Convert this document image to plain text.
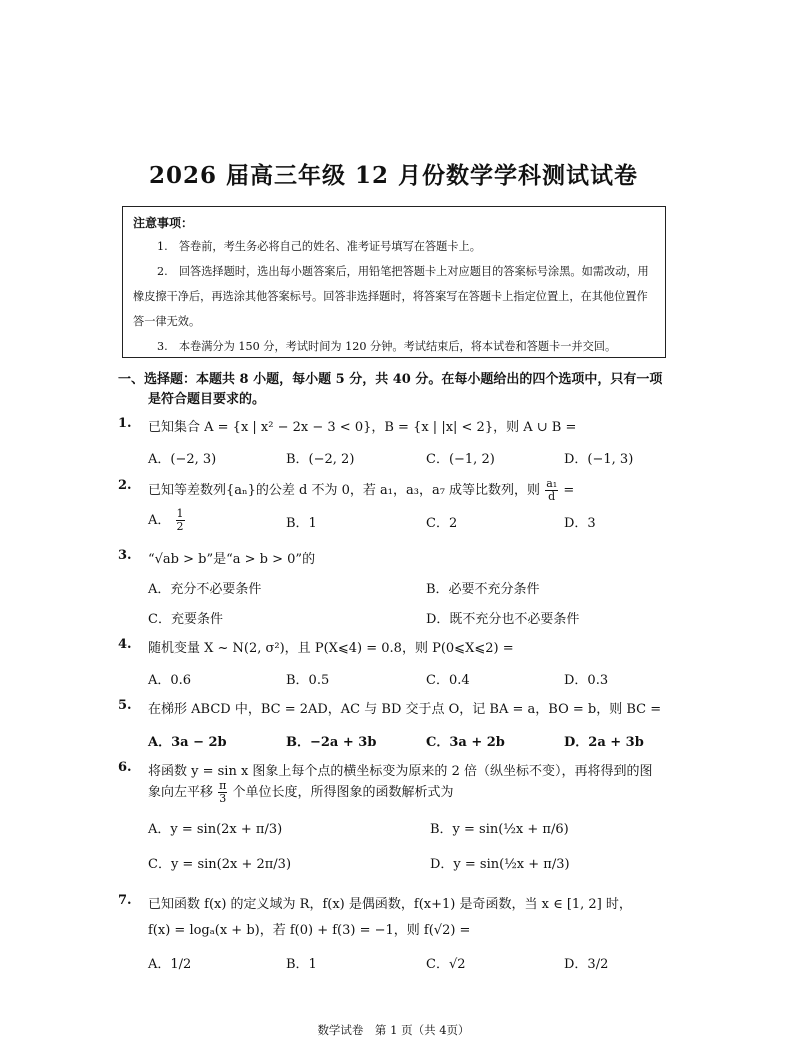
2026 届高三年级 12 月份数学学科测试试卷
注意事项：

1.　答卷前，考生务必将自己的姓名、准考证号填写在答题卡上。

2.　回答选择题时，选出每小题答案后，用铅笔把答题卡上对应题目的答案标号涂黑。如需改动，用橡皮擦干净后，再选涂其他答案标号。回答非选择题时，将答案写在答题卡上指定位置上，在其他位置作答一律无效。

3.　本卷满分为 150 分，考试时间为 120 分钟。考试结束后，将本试卷和答题卡一并交回。

一、选择题：本题共 8 小题，每小题 5 分，共 40 分。在每小题给出的四个选项中，只有一项
是符合题目要求的。
1. 已知集合 A = {x | x² − 2x − 3 < 0}，B = {x | |x| < 2}，则 A ∪ B =
A．(−2, 3)	B．(−2, 2)	C．(−1, 2)	D．(−1, 3)
2. 已知等差数列{aₙ}的公差 d 不为 0，若 a₁，a₃，a₇ 成等比数列，则 $\frac{\text{a₁}}{d}$ =
A． $\frac{1}{2}$	B．1	C．2	D．3
3. “√ab > b”是“a > b > 0”的
A．充分不必要条件	B．必要不充分条件
C．充要条件	D．既不充分也不必要条件
4. 随机变量 X ~ N(2, σ²)，且 P(X⩽4) = 0.8，则 P(0⩽X⩽2) =
A．0.6	B．0.5	C．0.4	D．0.3
5. 在梯形 ABCD 中，BC = 2AD，AC 与 BD 交于点 O，记 BA = a，BO = b，则 BC =
A．3a − 2b	B．−2a + 3b	C．3a + 2b	D．2a + 3b
6. 将函数 y = sin x 图象上每个点的横坐标变为原来的 2 倍（纵坐标不变），再将得到的图
象向左平移 $\frac{\pi}{3}$ 个单位长度，所得图象的函数解析式为
A．y = sin(2x + π/3)	B．y = sin(½x + π/6)
C．y = sin(2x + 2π/3)	D．y = sin(½x + π/3)
7. 已知函数 f(x) 的定义域为 R，f(x) 是偶函数，f(x+1) 是奇函数，当 x ∈ [1, 2] 时，
f(x) = logₐ(x + b)，若 f(0) + f(3) = −1，则 f(√2) =
A．1/2	B．1	C．√2	D．3/2
数学试卷　第 1 页（共 4页）
